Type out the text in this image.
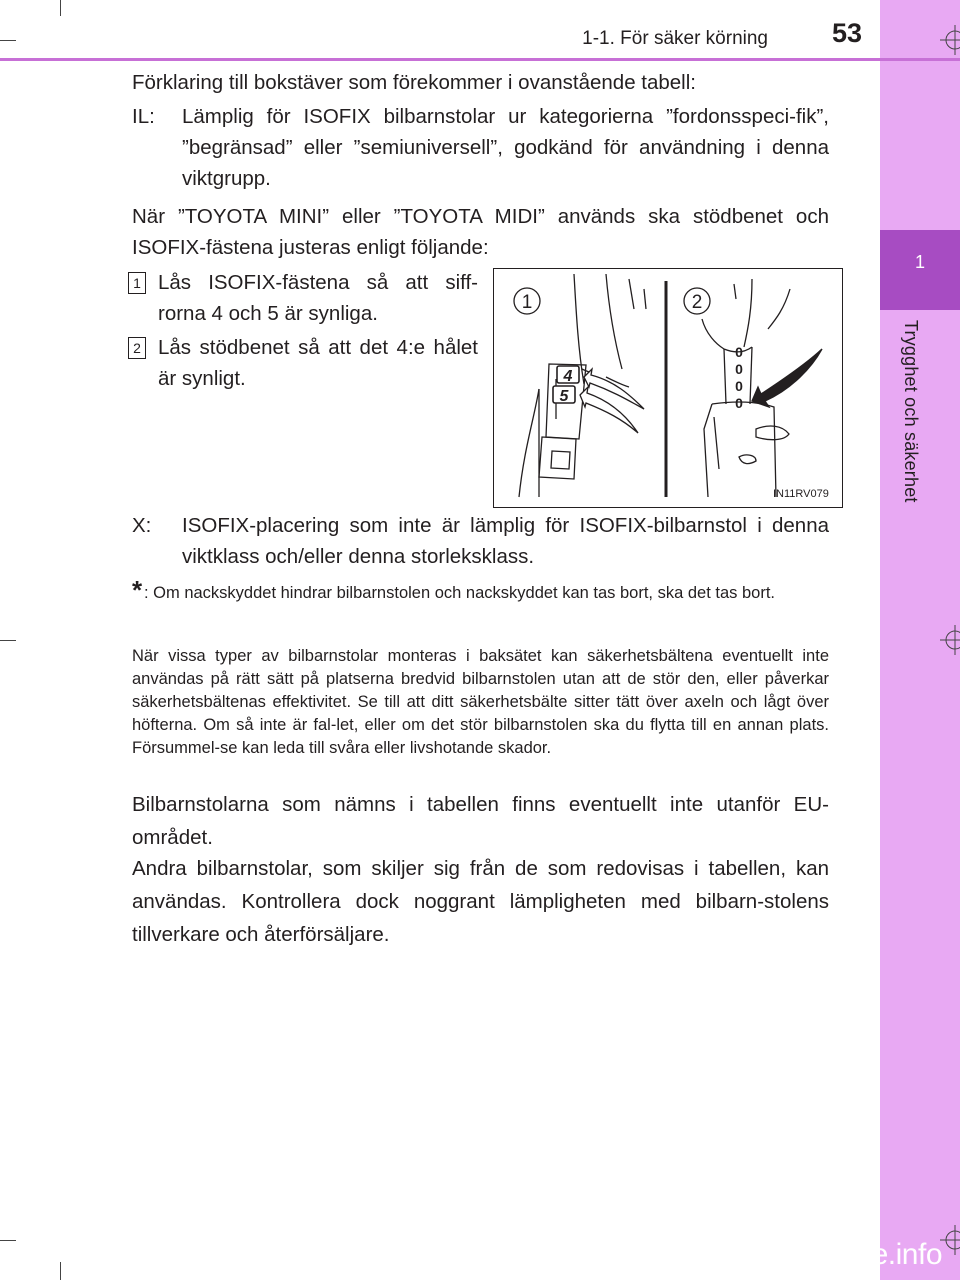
1
Trygghet och säkerhet
1-1. För säker körning 53

Förklaring till bokstäver som förekommer i ovanstående tabell:

IL: Lämplig för ISOFIX bilbarnstolar ur kategorierna ”fordonsspeci-fik”, ”begränsad” eller ”semiuniversell”, godkänd för användning i denna viktgrupp.

När ”TOYOTA MINI” eller ”TOYOTA MIDI” används ska stödbenet och ISOFIX-fästena justeras enligt följande:

1 Lås ISOFIX-fästena så att siff-rorna 4 och 5 är synliga.
2 Lås stödbenet så att det 4:e hålet är synligt.
1	2
4
5
0
0
0
0
IN11RV079
X: ISOFIX-placering som inte är lämplig för ISOFIX-bilbarnstol i denna viktklass och/eller denna storleksklass.
* : Om nackskyddet hindrar bilbarnstolen och nackskyddet kan tas bort, ska det tas bort.
När vissa typer av bilbarnstolar monteras i baksätet kan säkerhetsbältena eventuellt inte användas på rätt sätt på platserna bredvid bilbarnstolen utan att de stör den, eller påverkar säkerhetsbältenas effektivitet. Se till att ditt säkerhetsbälte sitter tätt över axeln och lågt över höfterna. Om så inte är fal-let, eller om det stör bilbarnstolen ska du flytta till en annan plats. Försummel-se kan leda till svåra eller livshotande skador.

Bilbarnstolarna som nämns i tabellen finns eventuellt inte utanför EU-området.

Andra bilbarnstolar, som skiljer sig från de som redovisas i tabellen, kan användas. Kontrollera dock noggrant lämpligheten med bilbarn-stolens tillverkare och återförsäljare.

carmanualsonline.info
